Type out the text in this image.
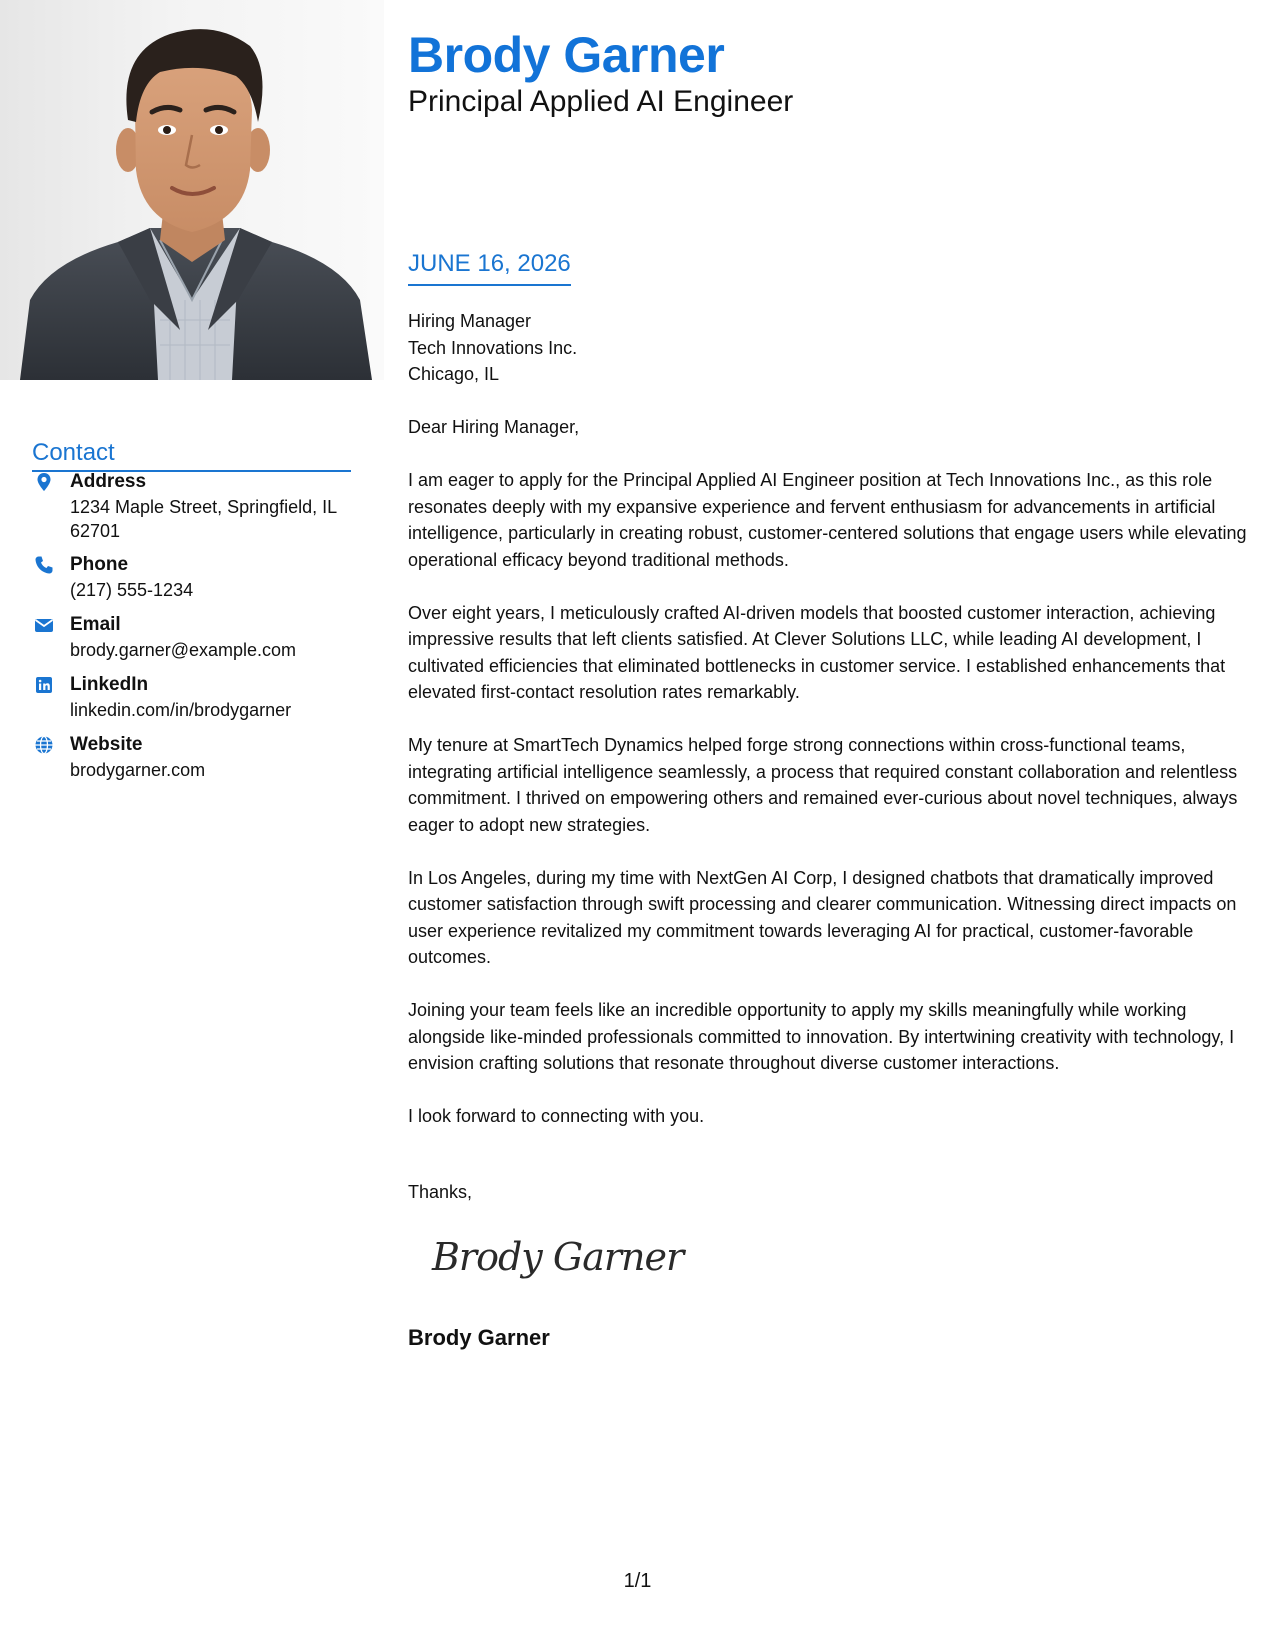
Brody Garner
Principal Applied AI Engineer
JUNE 16, 2026
Hiring Manager
Tech Innovations Inc.
Chicago, IL

Dear Hiring Manager,

I am eager to apply for the Principal Applied AI Engineer position at Tech Innovations Inc., as this role resonates deeply with my expansive experience and fervent enthusiasm for advancements in artificial intelligence, particularly in creating robust, customer-centered solutions that engage users while elevating operational efficacy beyond traditional methods.

Over eight years, I meticulously crafted AI-driven models that boosted customer interaction, achieving impressive results that left clients satisfied. At Clever Solutions LLC, while leading AI development, I cultivated efficiencies that eliminated bottlenecks in customer service. I established enhancements that elevated first-contact resolution rates remarkably.

My tenure at SmartTech Dynamics helped forge strong connections within cross-functional teams, integrating artificial intelligence seamlessly, a process that required constant collaboration and relentless commitment. I thrived on empowering others and remained ever-curious about novel techniques, always eager to adopt new strategies.

In Los Angeles, during my time with NextGen AI Corp, I designed chatbots that dramatically improved customer satisfaction through swift processing and clearer communication. Witnessing direct impacts on user experience revitalized my commitment towards leveraging AI for practical, customer-favorable outcomes.

Joining your team feels like an incredible opportunity to apply my skills meaningfully while working alongside like-minded professionals committed to innovation. By intertwining creativity with technology, I envision crafting solutions that resonate throughout diverse customer interactions.

I look forward to connecting with you.

Thanks,
Brody Garner
Brody Garner
Contact
Address
1234 Maple Street, Springfield, IL 62701
Phone
(217) 555-1234
Email
brody.garner@example.com
LinkedIn
linkedin.com/in/brodygarner
Website
brodygarner.com
1/1
